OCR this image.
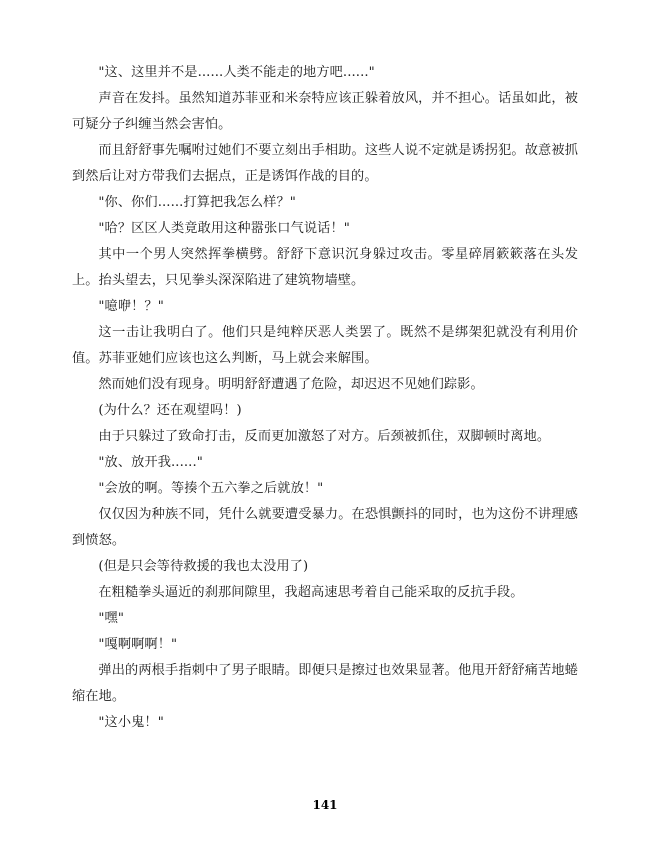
"这、这里并不是......人类不能走的地方吧......"

声音在发抖。虽然知道苏菲亚和米奈特应该正躲着放风，并不担心。话虽如此，被可疑分子纠缠当然会害怕。

而且舒舒事先嘱咐过她们不要立刻出手相助。这些人说不定就是诱拐犯。故意被抓到然后让对方带我们去据点，正是诱饵作战的目的。

"你、你们......打算把我怎么样？"

"哈？区区人类竟敢用这种嚣张口气说话！"

其中一个男人突然挥拳横劈。舒舒下意识沉身躲过攻击。零星碎屑簌簌落在头发上。抬头望去，只见拳头深深陷进了建筑物墙壁。

"噫咿！？"

这一击让我明白了。他们只是纯粹厌恶人类罢了。既然不是绑架犯就没有利用价值。苏菲亚她们应该也这么判断，马上就会来解围。

然而她们没有现身。明明舒舒遭遇了危险，却迟迟不见她们踪影。

(为什么？还在观望吗！)

由于只躲过了致命打击，反而更加激怒了对方。后颈被抓住，双脚顿时离地。

"放、放开我......"

"会放的啊。等揍个五六拳之后就放！"

仅仅因为种族不同，凭什么就要遭受暴力。在恐惧颤抖的同时，也为这份不讲理感到愤怒。

(但是只会等待救援的我也太没用了)

在粗糙拳头逼近的刹那间隙里，我超高速思考着自己能采取的反抗手段。

"嘿"

"嘎啊啊啊！"

弹出的两根手指刺中了男子眼睛。即便只是擦过也效果显著。他甩开舒舒痛苦地蜷缩在地。

"这小鬼！"

141
